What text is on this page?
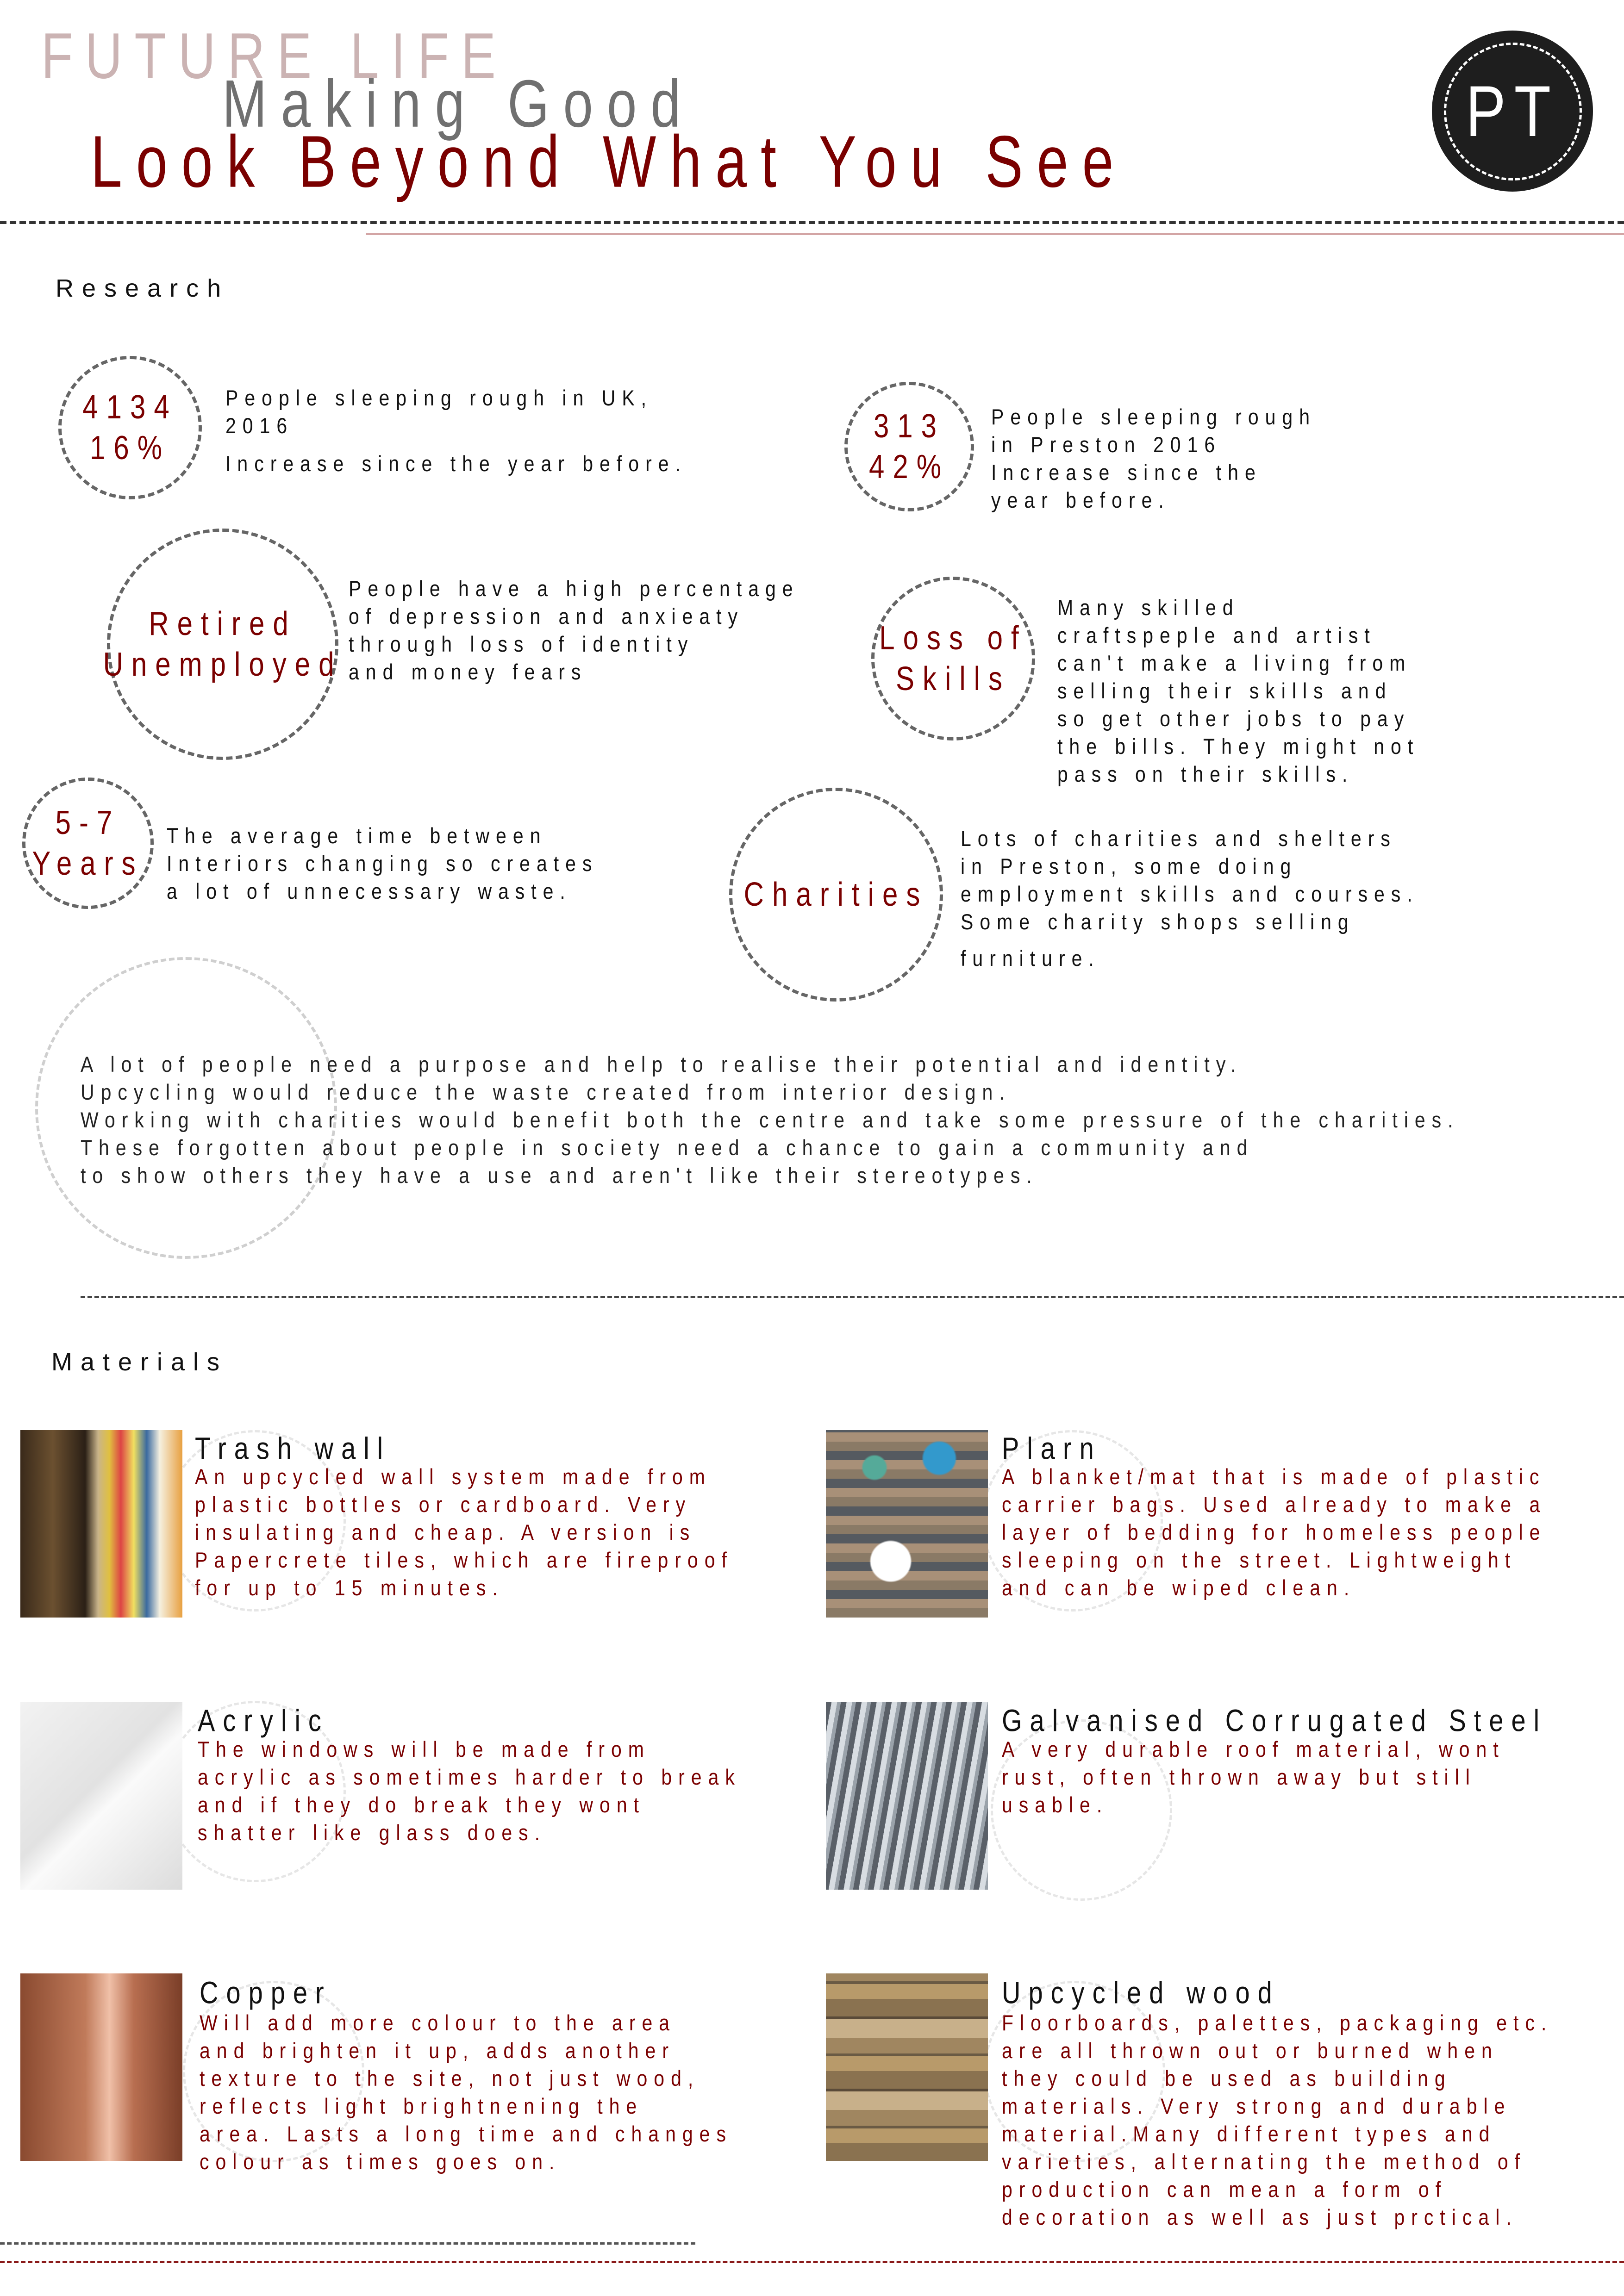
FUTURE LIFE
Making Good
Look Beyond What You See
PT
Research
4134
16%
People sleeping rough in UK,
2016
Increase since the year before.
313
42%
People sleeping rough
in Preston 2016
Increase since the
year before.
Retired
Unemployed
People have a high percentage
of depression and anxieaty
through loss of identity
and money fears
Loss of
Skills
Many skilled
craftspeple and artist
can't make a living from
selling their skills and
so get other jobs to pay
the bills. They might not
pass on their skills.
5-7
Years
The average time between
Interiors changing so creates
a lot of unnecessary waste.	Charities
Lots of charities and shelters
in Preston, some doing
employment skills and courses.
Some charity shops selling
furniture.
A lot of people need a purpose and help to realise their potential and identity.
Upcycling would reduce the waste created from interior design.
Working with charities would benefit both the centre and take some pressure of the charities.
These forgotten about people in society need a chance to gain a community and
to show others they have a use and aren't like their stereotypes.
Materials
Trash wall
An upcycled wall system made from
plastic bottles or cardboard. Very
insulating and cheap. A version is
Papercrete tiles, which are fireproof
for up to 15 minutes.
Plarn
A blanket/mat that is made of plastic
carrier bags. Used already to make a
layer of bedding for homeless people
sleeping on the street. Lightweight
and can be wiped clean.
Acrylic
The windows will be made from
acrylic as sometimes harder to break
and if they do break they wont
shatter like glass does.
Galvanised Corrugated Steel
A very durable roof material, wont
rust, often thrown away but still
usable.
Copper
Will add more colour to the area
and brighten it up, adds another
texture to the site, not just wood,
reflects light brightnening the
area. Lasts a long time and changes
colour as times goes on.
Upcycled wood
Floorboards, palettes, packaging etc.
are all thrown out or burned when
they could be used as building
materials. Very strong and durable
material.Many different types and
varieties, alternating the method of
production can mean a form of
decoration as well as just prctical.
